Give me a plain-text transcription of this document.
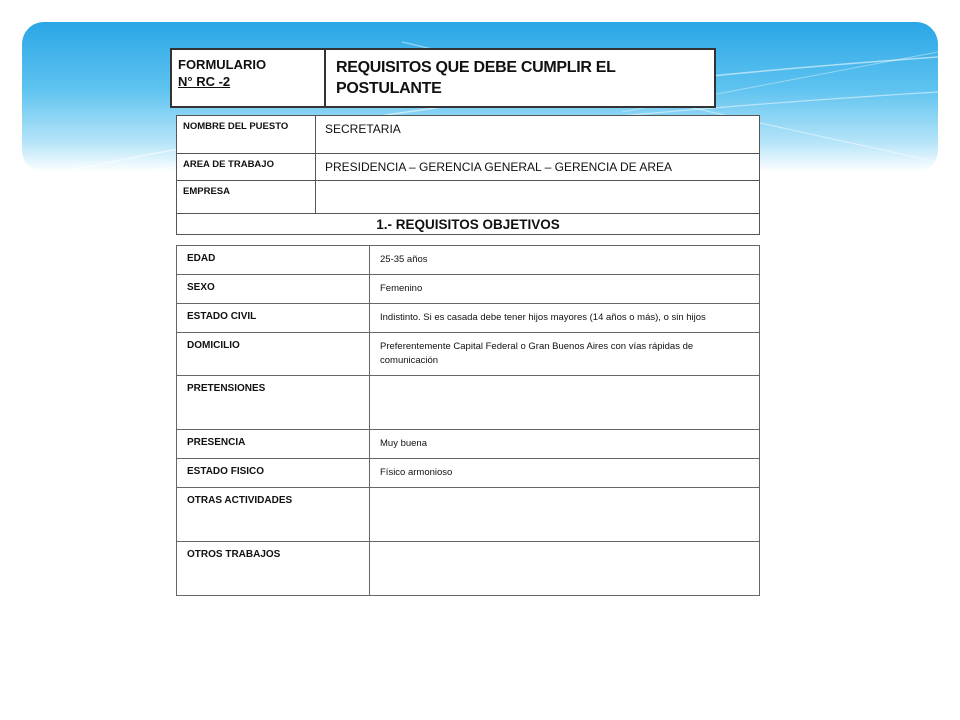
FORMULARIO
N° RC -2

REQUISITOS QUE DEBE CUMPLIR EL
POSTULANTE
NOMBRE DEL PUESTO	SECRETARIA
AREA DE TRABAJO	PRESIDENCIA – GERENCIA GENERAL – GERENCIA DE AREA
EMPRESA	
1.- REQUISITOS OBJETIVOS
EDAD	25-35 años
SEXO	Femenino
ESTADO CIVIL	Indistinto. Si es casada debe tener hijos mayores (14 años o más), o sin hijos
DOMICILIO	Preferentemente Capital Federal o Gran Buenos Aires con vías rápidas de comunicación
PRETENSIONES	
PRESENCIA	Muy buena
ESTADO FISICO	Físico armonioso
OTRAS ACTIVIDADES	
OTROS TRABAJOS	
